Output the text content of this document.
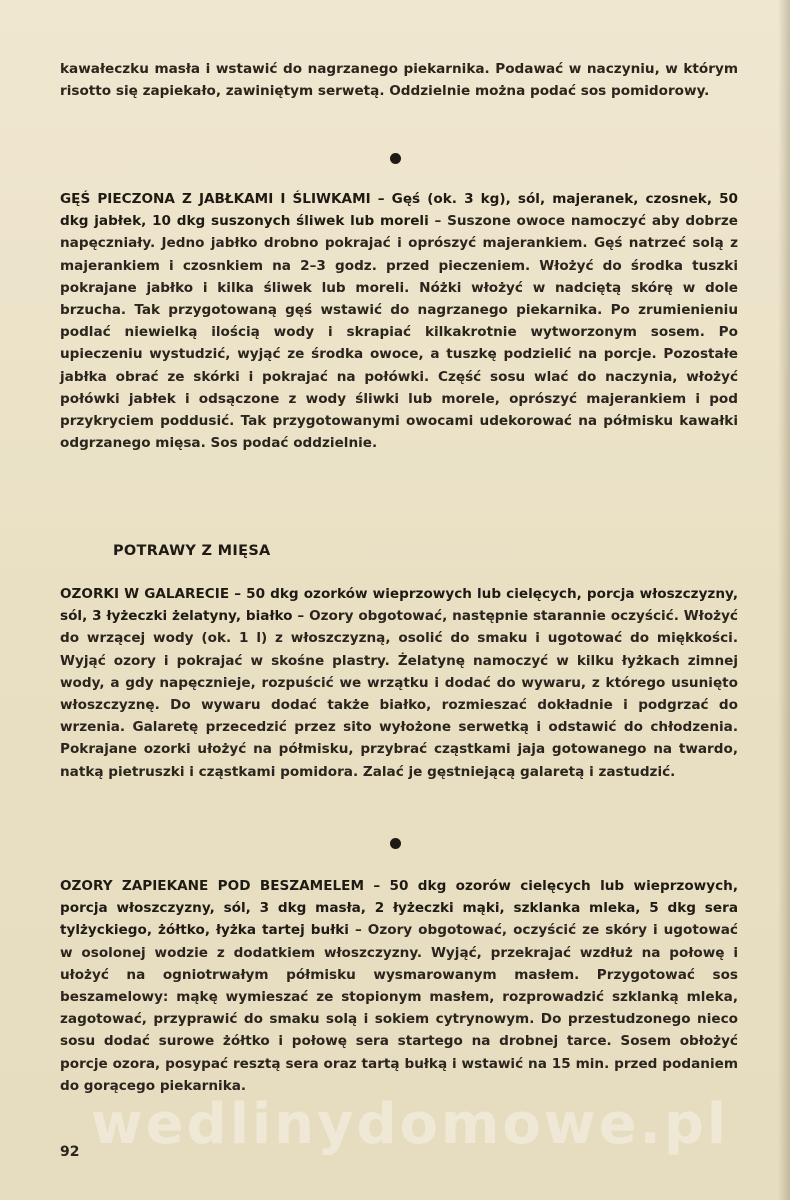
kawałeczku masła i wstawić do nagrzanego piekarnika. Podawać w naczyniu, w którym risotto się zapiekało, zawiniętym serwetą. Oddzielnie można podać sos pomidorowy.
GĘŚ PIECZONA Z JABŁKAMI I ŚLIWKAMI – Gęś (ok. 3 kg), sól, majeranek, czosnek, 50 dkg jabłek, 10 dkg suszonych śliwek lub moreli – Suszone owoce namoczyć aby dobrze napęczniały. Jedno jabłko drobno pokrajać i oprószyć majerankiem. Gęś natrzeć solą z majerankiem i czosnkiem na 2–3 godz. przed pieczeniem. Włożyć do środka tuszki pokrajane jabłko i kilka śliwek lub moreli. Nóżki włożyć w nadciętą skórę w dole brzucha. Tak przygotowaną gęś wstawić do nagrzanego piekarnika. Po zrumienieniu podlać niewielką ilością wody i skrapiać kilkakrotnie wytworzonym sosem. Po upieczeniu wystudzić, wyjąć ze środka owoce, a tuszkę podzielić na porcje. Pozostałe jabłka obrać ze skórki i pokrajać na połówki. Część sosu wlać do naczynia, włożyć połówki jabłek i odsączone z wody śliwki lub morele, oprószyć majerankiem i pod przykryciem poddusić. Tak przygotowanymi owocami udekorować na półmisku kawałki odgrzanego mięsa. Sos podać oddzielnie.
POTRAWY Z MIĘSA
OZORKI W GALARECIE – 50 dkg ozorków wieprzowych lub cielęcych, porcja włoszczyzny, sól, 3 łyżeczki żelatyny, białko – Ozory obgotować, następnie starannie oczyścić. Włożyć do wrzącej wody (ok. 1 l) z włoszczyzną, osolić do smaku i ugotować do miękkości. Wyjąć ozory i pokrajać w skośne plastry. Żelatynę namoczyć w kilku łyżkach zimnej wody, a gdy napęcznieje, rozpuścić we wrzątku i dodać do wywaru, z którego usunięto włoszczyznę. Do wywaru dodać także białko, rozmieszać dokładnie i podgrzać do wrzenia. Galaretę przecedzić przez sito wyłożone serwetką i odstawić do chłodzenia. Pokrajane ozorki ułożyć na półmisku, przybrać cząstkami jaja gotowanego na twardo, natką pietruszki i cząstkami pomidora. Zalać je gęstniejącą galaretą i zastudzić.
OZORY ZAPIEKANE POD BESZAMELEM – 50 dkg ozorów cielęcych lub wieprzowych, porcja włoszczyzny, sól, 3 dkg masła, 2 łyżeczki mąki, szklanka mleka, 5 dkg sera tylżyckiego, żółtko, łyżka tartej bułki – Ozory obgotować, oczyścić ze skóry i ugotować w osolonej wodzie z dodatkiem włoszczyzny. Wyjąć, przekrajać wzdłuż na połowę i ułożyć na ogniotrwałym półmisku wysmarowanym masłem. Przygotować sos beszamelowy: mąkę wymieszać ze stopionym masłem, rozprowadzić szklanką mleka, zagotować, przyprawić do smaku solą i sokiem cytrynowym. Do przestudzonego nieco sosu dodać surowe żółtko i połowę sera startego na drobnej tarce. Sosem obłożyć porcje ozora, posypać resztą sera oraz tartą bułką i wstawić na 15 min. przed podaniem do gorącego piekarnika.
wedlinydomowe.pl
92
